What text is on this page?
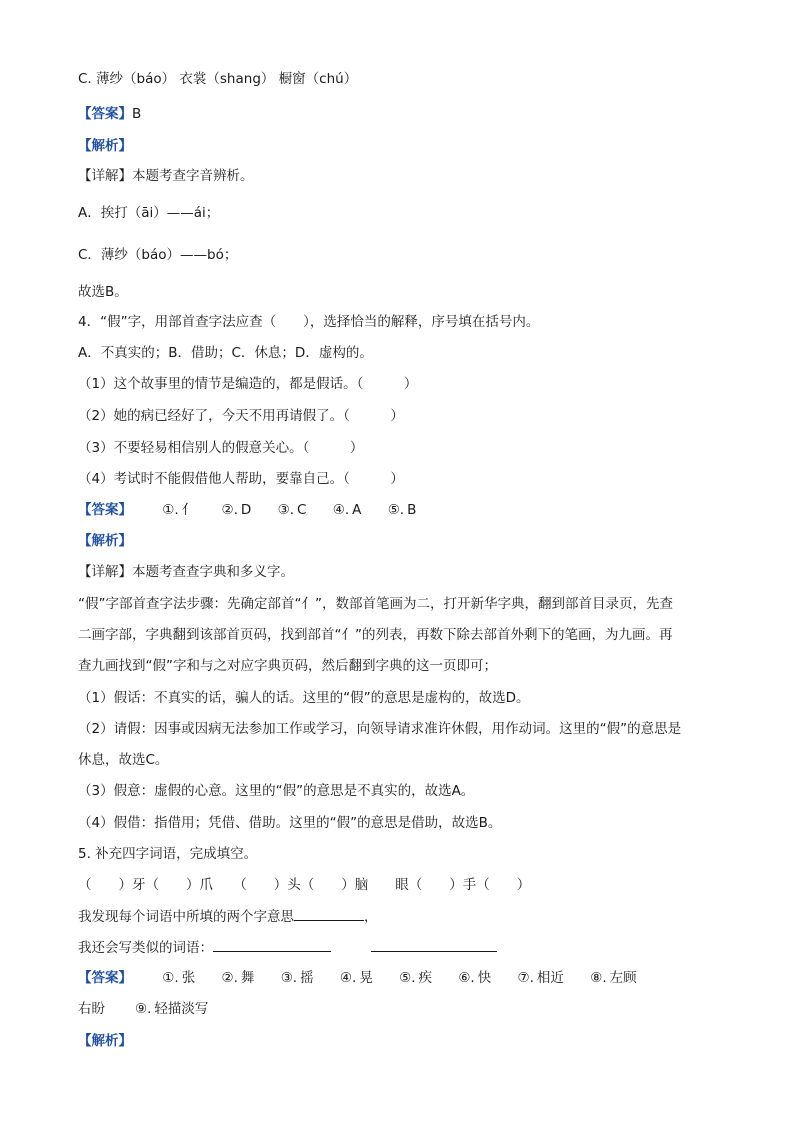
C. 薄纱（báo） 衣裳（shang） 橱窗（chú）
【答案】B
【解析】
【详解】本题考查字音辨析。
A．挨打（āi）——ái；
C．薄纱（báo）——bó；
故选B。
4．“假”字，用部首查字法应查（　　），选择恰当的解释，序号填在括号内。
A．不真实的；B．借助；C．休息；D．虚构的。
（1）这个故事里的情节是编造的，都是假话。（　　　）
（2）她的病已经好了，今天不用再请假了。（　　　）
（3）不要轻易相信别人的假意关心。（　　　）
（4）考试时不能假借他人帮助，要靠自己。（　　　）
【答案】 ①. 亻 ②. D ③. C ④. A ⑤. B
【解析】
【详解】本题考查查字典和多义字。
“假”字部首查字法步骤：先确定部首“亻”，数部首笔画为二，打开新华字典，翻到部首目录页，先查
二画字部，字典翻到该部首页码，找到部首“亻”的列表，再数下除去部首外剩下的笔画，为九画。再
查九画找到“假”字和与之对应字典页码，然后翻到字典的这一页即可；
（1）假话：不真实的话，骗人的话。这里的“假”的意思是虚构的，故选D。
（2）请假：因事或因病无法参加工作或学习，向领导请求准许休假，用作动词。这里的“假”的意思是
休息，故选C。
（3）假意：虚假的心意。这里的“假”的意思是不真实的，故选A。
（4）假借：指借用；凭借、借助。这里的“假”的意思是借助，故选B。
5. 补充四字词语，完成填空。
（　　）牙（　　）爪　　（　　）头（　　）脑　　眼（　　）手（　　）
我发现每个词语中所填的两个字意思	，
我还会写类似的词语：
【答案】 ①. 张 ②. 舞 ③. 摇 ④. 晃 ⑤. 疾 ⑥. 快 ⑦. 相近 ⑧. 左顾
右盼 ⑨. 轻描淡写
【解析】
